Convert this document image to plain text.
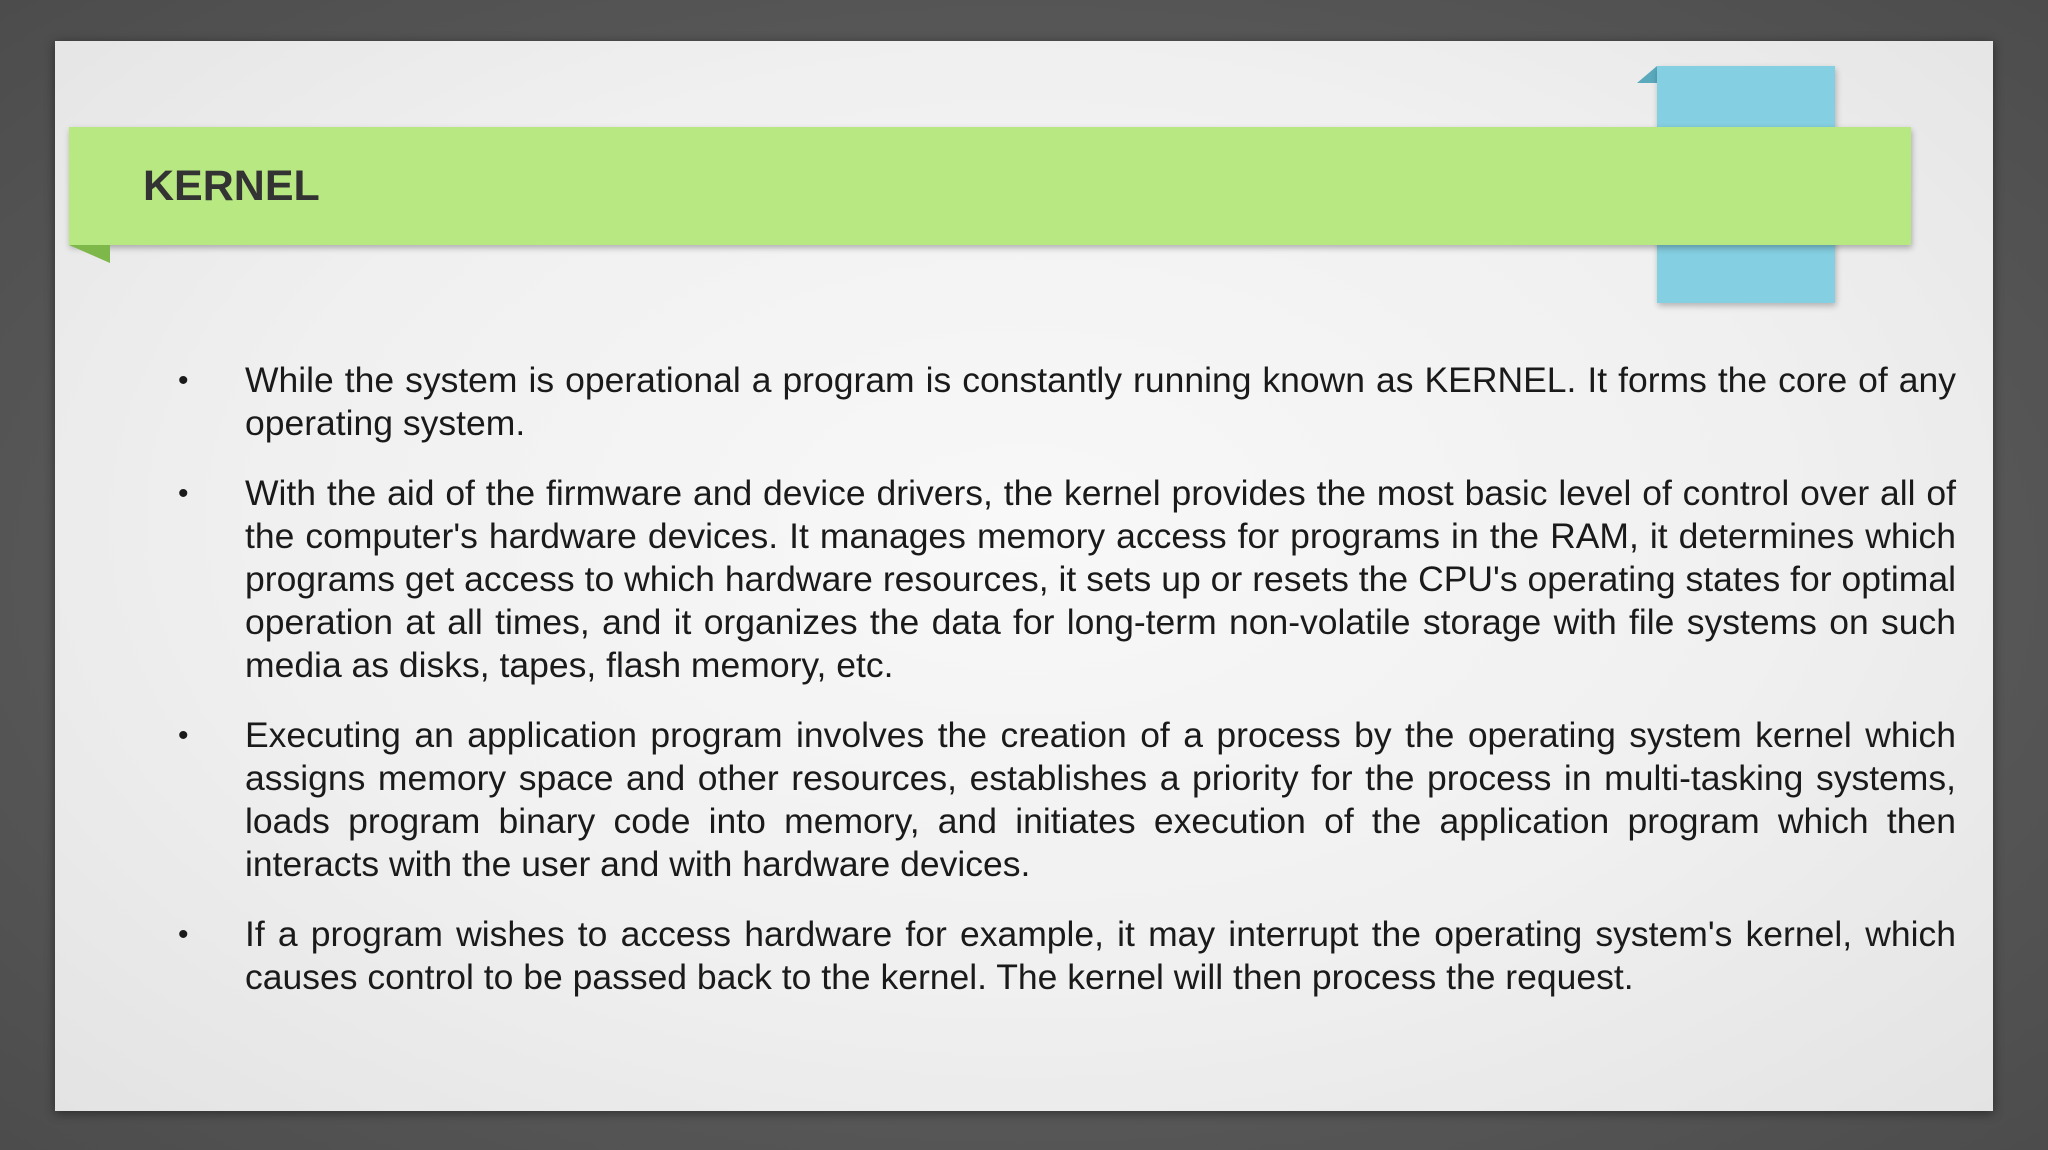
KERNEL
• While the system is operational a program is constantly running known as KERNEL. It forms the core of any operating system.
• With the aid of the firmware and device drivers, the kernel provides the most basic level of control over all of the computer's hardware devices. It manages memory access for programs in the RAM, it determines which programs get access to which hardware resources, it sets up or resets the CPU's operating states for optimal operation at all times, and it organizes the data for long-term non-volatile storage with file systems on such media as disks, tapes, flash memory, etc.
• Executing an application program involves the creation of a process by the operating system kernel which assigns memory space and other resources, establishes a priority for the process in multi-tasking systems, loads program binary code into memory, and initiates execution of the application program which then interacts with the user and with hardware devices.
• If a program wishes to access hardware for example, it may interrupt the operating system's kernel, which causes control to be passed back to the kernel. The kernel will then process the request.
